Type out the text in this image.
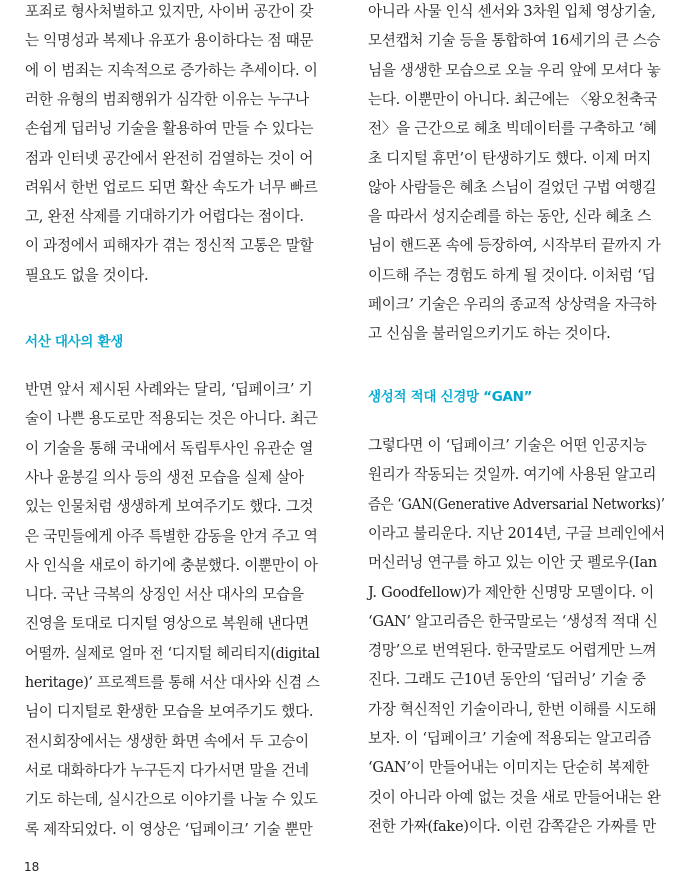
포죄로 형사처벌하고 있지만, 사이버 공간이 갖
는 익명성과 복제나 유포가 용이하다는 점 때문
에 이 범죄는 지속적으로 증가하는 추세이다. 이
러한 유형의 범죄행위가 심각한 이유는 누구나
손쉽게 딥러닝 기술을 활용하여 만들 수 있다는
점과 인터넷 공간에서 완전히 검열하는 것이 어
려워서 한번 업로드 되면 확산 속도가 너무 빠르
고, 완전 삭제를 기대하기가 어렵다는 점이다.
이 과정에서 피해자가 겪는 정신적 고통은 말할
필요도 없을 것이다.
서산 대사의 환생
반면 앞서 제시된 사례와는 달리, ‘딥페이크’ 기
술이 나쁜 용도로만 적용되는 것은 아니다. 최근
이 기술을 통해 국내에서 독립투사인 유관순 열
사나 윤봉길 의사 등의 생전 모습을 실제 살아
있는 인물처럼 생생하게 보여주기도 했다. 그것
은 국민들에게 아주 특별한 감동을 안겨 주고 역
사 인식을 새로이 하기에 충분했다. 이뿐만이 아
니다. 국난 극복의 상징인 서산 대사의 모습을
진영을 토대로 디지털 영상으로 복원해 낸다면
어떨까. 실제로 얼마 전 ‘디지털 헤리티지(digital
heritage)’ 프로젝트를 통해 서산 대사와 신겸 스
님이 디지털로 환생한 모습을 보여주기도 했다.
전시회장에서는 생생한 화면 속에서 두 고승이
서로 대화하다가 누구든지 다가서면 말을 건네
기도 하는데, 실시간으로 이야기를 나눌 수 있도
록 제작되었다. 이 영상은 ‘딥페이크’ 기술 뿐만
아니라 사물 인식 센서와 3차원 입체 영상기술,
모션캡처 기술 등을 통합하여 16세기의 큰 스승
님을 생생한 모습으로 오늘 우리 앞에 모셔다 놓
는다. 이뿐만이 아니다. 최근에는 〈왕오천축국
전〉을 근간으로 혜초 빅데이터를 구축하고 ‘혜
초 디지털 휴먼’이 탄생하기도 했다. 이제 머지
않아 사람들은 혜초 스님이 걸었던 구법 여행길
을 따라서 성지순례를 하는 동안, 신라 혜초 스
님이 핸드폰 속에 등장하여, 시작부터 끝까지 가
이드해 주는 경험도 하게 될 것이다. 이처럼 ‘딥
페이크’ 기술은 우리의 종교적 상상력을 자극하
고 신심을 불러일으키기도 하는 것이다.
생성적 적대 신경망 “GAN”
그렇다면 이 ‘딥페이크’ 기술은 어떤 인공지능
원리가 작동되는 것일까. 여기에 사용된 알고리
즘은 ‘GAN(Generative Adversarial Networks)’
이라고 불리운다. 지난 2014년, 구글 브레인에서
머신러닝 연구를 하고 있는 이안 굿 펠로우(Ian
J. Goodfellow)가 제안한 신명망 모델이다. 이
‘GAN’ 알고리즘은 한국말로는 ‘생성적 적대 신
경망’으로 번역된다. 한국말로도 어렵게만 느껴
진다. 그래도 근10년 동안의 ‘딥러닝’ 기술 중
가장 혁신적인 기술이라니, 한번 이해를 시도해
보자. 이 ‘딥페이크’ 기술에 적용되는 알고리즘
‘GAN’이 만들어내는 이미지는 단순히 복제한
것이 아니라 아예 없는 것을 새로 만들어내는 완
전한 가짜(fake)이다. 이런 감쪽같은 가짜를 만
18
